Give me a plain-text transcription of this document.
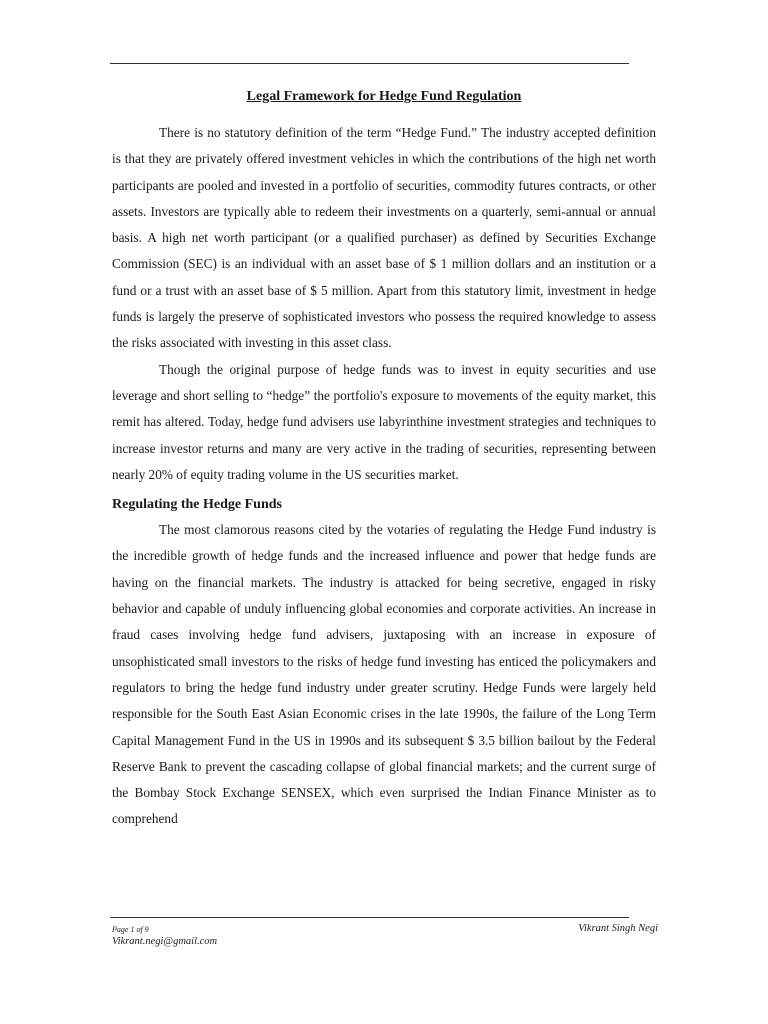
Legal Framework for Hedge Fund Regulation

There is no statutory definition of the term “Hedge Fund.” The industry accepted definition is that they are privately offered investment vehicles in which the contributions of the high net worth participants are pooled and invested in a portfolio of securities, commodity futures contracts, or other assets. Investors are typically able to redeem their investments on a quarterly, semi-annual or annual basis. A high net worth participant (or a qualified purchaser) as defined by Securities Exchange Commission (SEC) is an individual with an asset base of $ 1 million dollars and an institution or a fund or a trust with an asset base of $ 5 million. Apart from this statutory limit, investment in hedge funds is largely the preserve of sophisticated investors who possess the required knowledge to assess the risks associated with investing in this asset class.

Though the original purpose of hedge funds was to invest in equity securities and use leverage and short selling to “hedge” the portfolio's exposure to movements of the equity market, this remit has altered. Today, hedge fund advisers use labyrinthine investment strategies and techniques to increase investor returns and many are very active in the trading of securities, representing between nearly 20% of equity trading volume in the US securities market.

Regulating the Hedge Funds

The most clamorous reasons cited by the votaries of regulating the Hedge Fund industry is the incredible growth of hedge funds and the increased influence and power that hedge funds are having on the financial markets. The industry is attacked for being secretive, engaged in risky behavior and capable of unduly influencing global economies and corporate activities. An increase in fraud cases involving hedge fund advisers, juxtaposing with an increase in exposure of unsophisticated small investors to the risks of hedge fund investing has enticed the policymakers and regulators to bring the hedge fund industry under greater scrutiny. Hedge Funds were largely held responsible for the South East Asian Economic crises in the late 1990s, the failure of the Long Term Capital Management Fund in the US in 1990s and its subsequent $ 3.5 billion bailout by the Federal Reserve Bank to prevent the cascading collapse of global financial markets; and the current surge of the Bombay Stock Exchange SENSEX, which even surprised the Indian Finance Minister as to comprehend

Page 1 of 9
Vikrant.negi@gmail.com
Vikrant Singh Negi
